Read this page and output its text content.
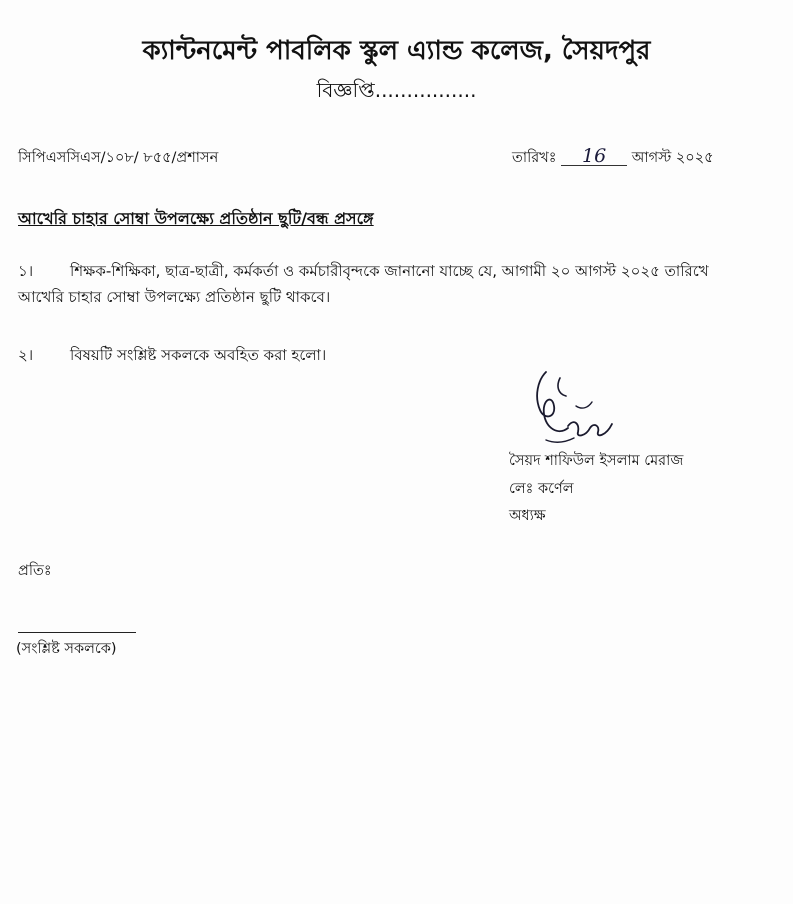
ক্যান্টনমেন্ট পাবলিক স্কুল এ্যান্ড কলেজ, সৈয়দপুর
বিজ্ঞপ্তি................
সিপিএসসিএস/১০৮/ ৮৫৫/প্রশাসন	তারিখঃ 16 আগস্ট ২০২৫
আখেরি চাহার সোম্বা উপলক্ষ্যে প্রতিষ্ঠান ছুটি/বন্ধ প্রসঙ্গে
১। শিক্ষক-শিক্ষিকা, ছাত্র-ছাত্রী, কর্মকর্তা ও কর্মচারীবৃন্দকে জানানো যাচ্ছে যে, আগামী ২০ আগস্ট ২০২৫ তারিখে আখেরি চাহার সোম্বা উপলক্ষ্যে প্রতিষ্ঠান ছুটি থাকবে।
২। বিষয়টি সংশ্লিষ্ট সকলকে অবহিত করা হলো।
সৈয়দ শাফিউল ইসলাম মেরাজ
লেঃ কর্ণেল
অধ্যক্ষ
প্রতিঃ
(সংশ্লিষ্ট সকলকে)
